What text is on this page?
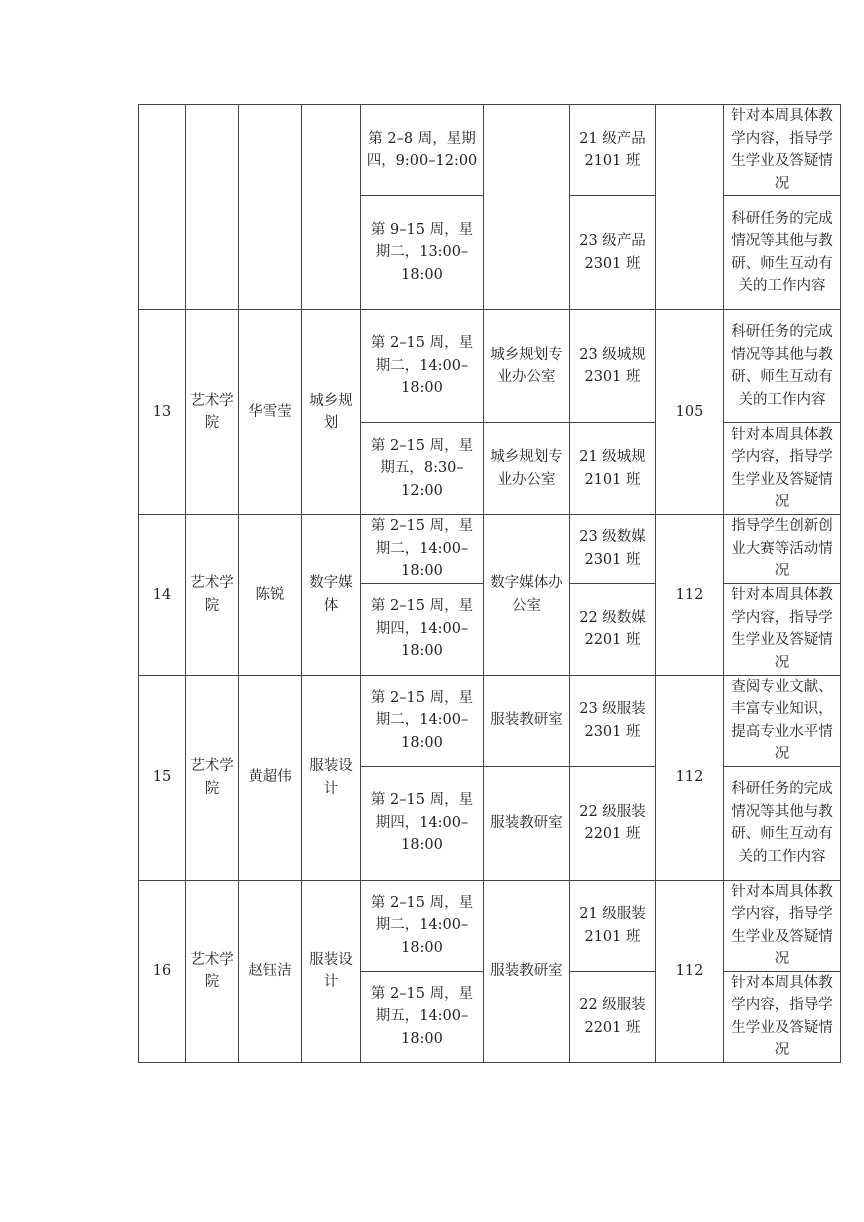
				第 2–8 周，星期四，9:00–12:00		21 级产品 2101 班		针对本周具体教学内容，指导学生学业及答疑情况
				第 9–15 周，星期二，13:00–18:00		23 级产品 2301 班		科研任务的完成情况等其他与教研、师生互动有关的工作内容
13	艺术学院	华雪莹	城乡规划	第 2–15 周，星期二，14:00–18:00	城乡规划专业办公室	23 级城规 2301 班	105	科研任务的完成情况等其他与教研、师生互动有关的工作内容
				第 2–15 周，星期五，8:30–12:00	城乡规划专业办公室	21 级城规 2101 班		针对本周具体教学内容，指导学生学业及答疑情况
14	艺术学院	陈锐	数字媒体	第 2–15 周，星期二，14:00–18:00	数字媒体办公室	23 级数媒 2301 班	112	指导学生创新创业大赛等活动情况
				第 2–15 周，星期四，14:00–18:00		22 级数媒 2201 班		针对本周具体教学内容，指导学生学业及答疑情况
15	艺术学院	黄超伟	服装设计	第 2–15 周，星期二，14:00–18:00	服装教研室	23 级服装 2301 班	112	查阅专业文献、丰富专业知识，提高专业水平情况
				第 2–15 周，星期四，14:00–18:00	服装教研室	22 级服装 2201 班		科研任务的完成情况等其他与教研、师生互动有关的工作内容
16	艺术学院	赵钰洁	服装设计	第 2–15 周，星期二，14:00–18:00	服装教研室	21 级服装 2101 班	112	针对本周具体教学内容，指导学生学业及答疑情况
				第 2–15 周，星期五，14:00–18:00		22 级服装 2201 班		针对本周具体教学内容，指导学生学业及答疑情况
